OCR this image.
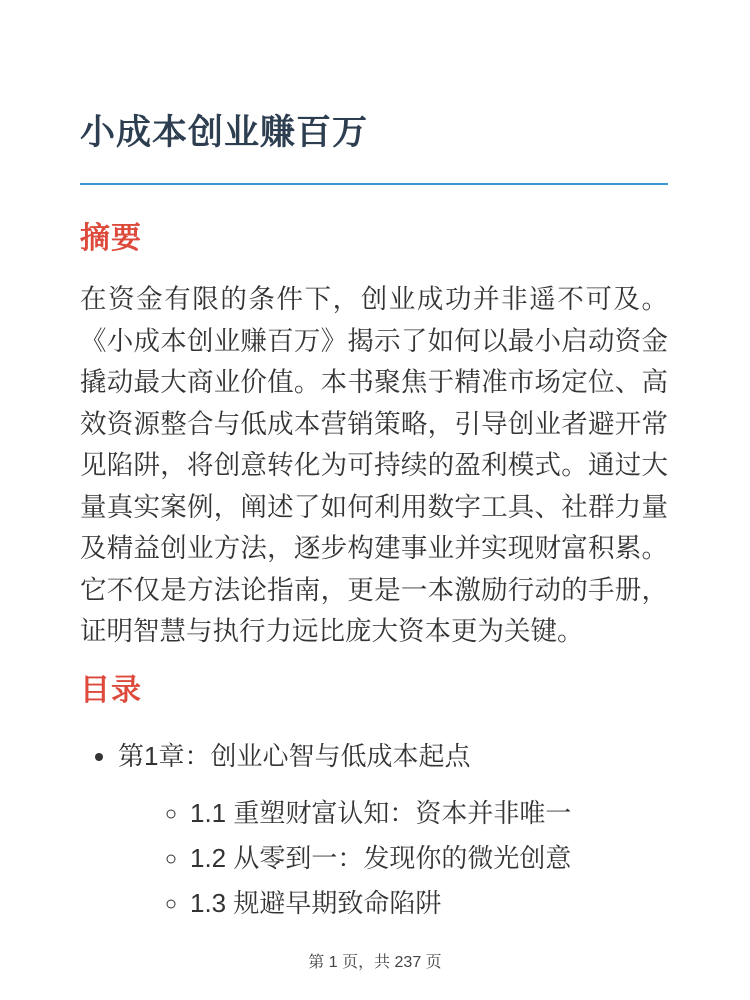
小成本创业赚百万
摘要

在资金有限的条件下，创业成功并非遥不可及。《小成本创业赚百万》揭示了如何以最小启动资金撬动最大商业价值。本书聚焦于精准市场定位、高效资源整合与低成本营销策略，引导创业者避开常见陷阱，将创意转化为可持续的盈利模式。通过大量真实案例，阐述了如何利用数字工具、社群力量及精益创业方法，逐步构建事业并实现财富积累。它不仅是方法论指南，更是一本激励行动的手册，证明智慧与执行力远比庞大资本更为关键。

目录
• 第1章：创业心智与低成本起点
◦ 1.1 重塑财富认知：资本并非唯一
◦ 1.2 从零到一：发现你的微光创意
◦ 1.3 规避早期致命陷阱
第 1 页，共 237 页
